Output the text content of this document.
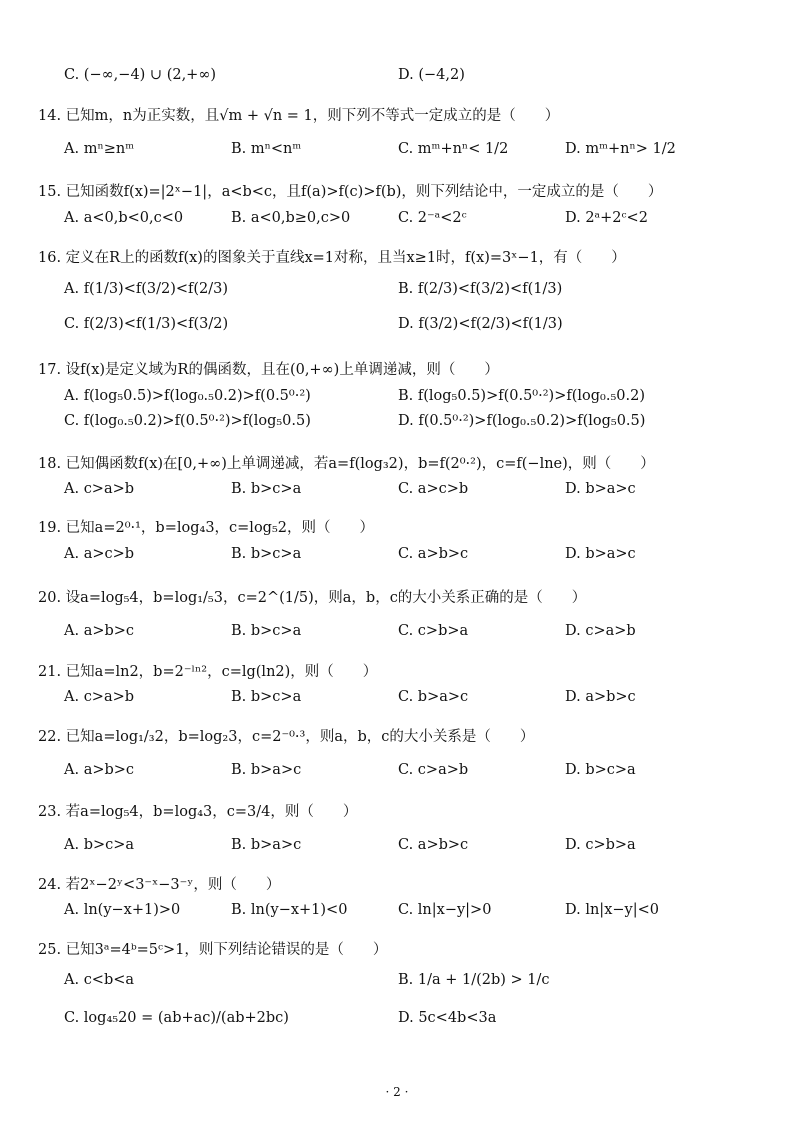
C. (−∞,−4) ∪ (2,+∞)	D. (−4,2)
14. 已知m，n为正实数，且√m + √n = 1，则下列不等式一定成立的是（　　）
A. mⁿ≥nᵐ	B. mⁿ<nᵐ	C. mᵐ+nⁿ< 1/2	D. mᵐ+nⁿ> 1/2
15. 已知函数f(x)=|2ˣ−1|，a<b<c，且f(a)>f(c)>f(b)，则下列结论中，一定成立的是（　　）
A. a<0,b<0,c<0	B. a<0,b≥0,c>0	C. 2⁻ᵃ<2ᶜ	D. 2ᵃ+2ᶜ<2
16. 定义在R上的函数f(x)的图象关于直线x=1对称，且当x≥1时，f(x)=3ˣ−1，有（　　）
A. f(1/3)<f(3/2)<f(2/3)	B. f(2/3)<f(3/2)<f(1/3)
C. f(2/3)<f(1/3)<f(3/2)	D. f(3/2)<f(2/3)<f(1/3)
17. 设f(x)是定义域为R的偶函数，且在(0,+∞)上单调递减，则（　　）
A. f(log₅0.5)>f(log₀.₅0.2)>f(0.5⁰·²)	B. f(log₅0.5)>f(0.5⁰·²)>f(log₀.₅0.2)
C. f(log₀.₅0.2)>f(0.5⁰·²)>f(log₅0.5)	D. f(0.5⁰·²)>f(log₀.₅0.2)>f(log₅0.5)
18. 已知偶函数f(x)在[0,+∞)上单调递减，若a=f(log₃2)，b=f(2⁰·²)，c=f(−lne)，则（　　）
A. c>a>b	B. b>c>a	C. a>c>b	D. b>a>c
19. 已知a=2⁰·¹，b=log₄3，c=log₅2，则（　　）
A. a>c>b	B. b>c>a	C. a>b>c	D. b>a>c
20. 设a=log₅4，b=log₁/₅3，c=2^(1/5)，则a，b，c的大小关系正确的是（　　）
A. a>b>c	B. b>c>a	C. c>b>a	D. c>a>b
21. 已知a=ln2，b=2⁻ˡⁿ²，c=lg(ln2)，则（　　）
A. c>a>b	B. b>c>a	C. b>a>c	D. a>b>c
22. 已知a=log₁/₃2，b=log₂3，c=2⁻⁰·³，则a，b，c的大小关系是（　　）
A. a>b>c	B. b>a>c	C. c>a>b	D. b>c>a
23. 若a=log₅4，b=log₄3，c=3/4，则（　　）
A. b>c>a	B. b>a>c	C. a>b>c	D. c>b>a
24. 若2ˣ−2ʸ<3⁻ˣ−3⁻ʸ，则（　　）
A. ln(y−x+1)>0	B. ln(y−x+1)<0	C. ln|x−y|>0	D. ln|x−y|<0
25. 已知3ᵃ=4ᵇ=5ᶜ>1，则下列结论错误的是（　　）
A. c<b<a	B. 1/a + 1/(2b) > 1/c
C. log₄₅20 = (ab+ac)/(ab+2bc)	D. 5c<4b<3a
· 2 ·
